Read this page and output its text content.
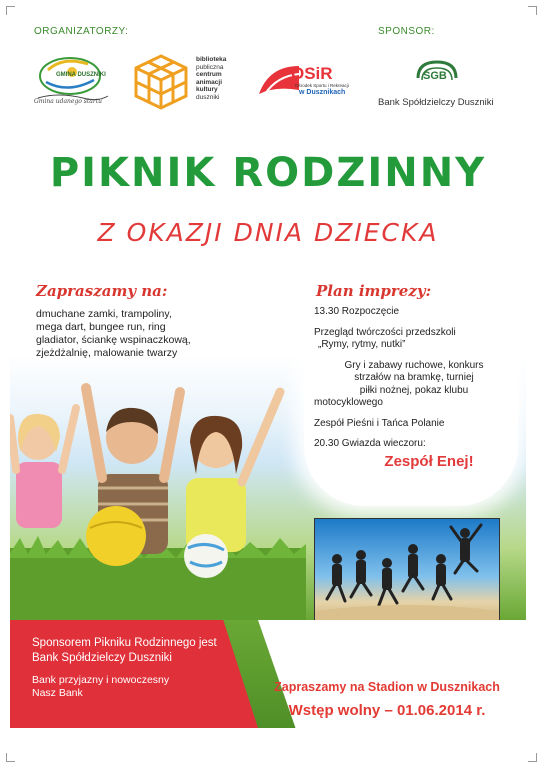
ORGANIZATORZY:	SPONSOR:
GMINA DUSZNIKI
Gmina udanego startu
biblioteka
publiczna
centrum
animacji
kultury
duszniki
OSiR
Ośrodek Sportu i Rekreacji
w Dusznikach
SGB
Bank Spółdzielczy Duszniki
PIKNIK RODZINNY
Z OKAZJI DNIA DZIECKA
Zapraszamy na:
dmuchane zamki, trampoliny,
mega dart, bungee run, ring
gladiator, ściankę wspinaczkową,
zjeżdżalnię, malowanie twarzy
Plan imprezy:
13.30 Rozpoczęcie
Przegląd twórczości przedszkoli
„Rymy, rytmy, nutki”
Gry i zabawy ruchowe, konkurs
strzałów na bramkę, turniej
piłki nożnej, pokaz klubu
motocyklowego
Zespół Pieśni i Tańca Polanie
20.30 Gwiazda wieczoru:
Zespół Enej!
Sponsorem Pikniku Rodzinnego jest
Bank Spółdzielczy Duszniki
Bank przyjazny i nowoczesny
Nasz Bank	Zapraszamy na Stadion w Dusznikach
Wstęp wolny – 01.06.2014 r.
